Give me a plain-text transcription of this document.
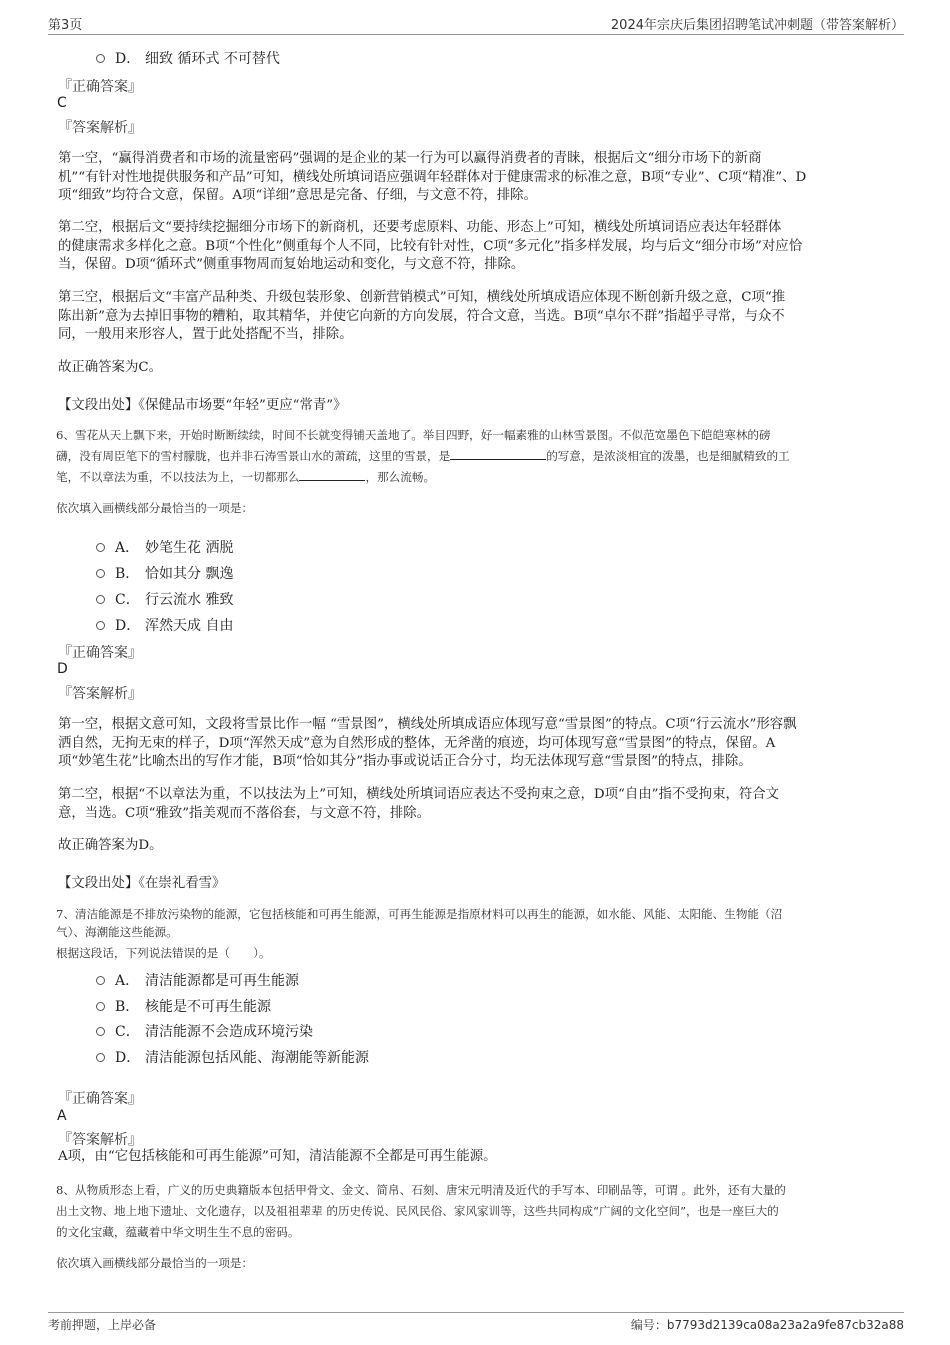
第3页	2024年宗庆后集团招聘笔试冲刺题（带答案解析）
D． 细致 循环式 不可替代
『正确答案』
C
『答案解析』
第一空，“赢得消费者和市场的流量密码”强调的是企业的某一行为可以赢得消费者的青睐，根据后文“细分市场下的新商
机”“有针对性地提供服务和产品”可知，横线处所填词语应强调年轻群体对于健康需求的标准之意，B项“专业”、C项“精准”、D
项“细致”均符合文意，保留。A项“详细”意思是完备、仔细，与文意不符，排除。
第二空，根据后文“要持续挖掘细分市场下的新商机，还要考虑原料、功能、形态上”可知，横线处所填词语应表达年轻群体
的健康需求多样化之意。B项“个性化”侧重每个人不同，比较有针对性，C项“多元化”指多样发展，均与后文“细分市场”对应恰
当，保留。D项“循环式”侧重事物周而复始地运动和变化，与文意不符，排除。
第三空，根据后文“丰富产品种类、升级包装形象、创新营销模式”可知，横线处所填成语应体现不断创新升级之意，C项“推
陈出新”意为去掉旧事物的糟粕，取其精华，并使它向新的方向发展，符合文意，当选。B项“卓尔不群”指超乎寻常，与众不
同，一般用来形容人，置于此处搭配不当，排除。
故正确答案为C。
【文段出处】《保健品市场要“年轻”更应“常青”》
6、雪花从天上飘下来，开始时断断续续，时间不长就变得铺天盖地了。举目四野，好一幅素雅的山林雪景图。不似范宽墨色下皑皑寒林的磅
礴，没有周臣笔下的雪村朦胧，也并非石涛雪景山水的萧疏，这里的雪景，是	的写意，是浓淡相宜的泼墨，也是细腻精致的工
笔，不以章法为重，不以技法为上，一切都那么	，那么流畅。
依次填入画横线部分最恰当的一项是：
A． 妙笔生花 洒脱
B． 恰如其分 飘逸
C． 行云流水 雅致
D． 浑然天成 自由
『正确答案』
D
『答案解析』
第一空，根据文意可知，文段将雪景比作一幅 “雪景图”，横线处所填成语应体现写意“雪景图”的特点。C项“行云流水”形容飘
洒自然，无拘无束的样子，D项“浑然天成”意为自然形成的整体，无斧凿的痕迹，均可体现写意“雪景图”的特点，保留。A
项“妙笔生花”比喻杰出的写作才能，B项“恰如其分”指办事或说话正合分寸，均无法体现写意“雪景图”的特点，排除。
第二空，根据“不以章法为重，不以技法为上”可知，横线处所填词语应表达不受拘束之意，D项“自由”指不受拘束，符合文
意，当选。C项“雅致”指美观而不落俗套，与文意不符，排除。
故正确答案为D。
【文段出处】《在崇礼看雪》
7、清洁能源是不排放污染物的能源，它包括核能和可再生能源，可再生能源是指原材料可以再生的能源，如水能、风能、太阳能、生物能（沼
气）、海潮能这些能源。
根据这段话，下列说法错误的是（　　）。
A． 清洁能源都是可再生能源
B． 核能是不可再生能源
C． 清洁能源不会造成环境污染
D． 清洁能源包括风能、海潮能等新能源
『正确答案』
A
『答案解析』
A项，由“它包括核能和可再生能源”可知，清洁能源不全都是可再生能源。
8、从物质形态上看，广义的历史典籍版本包括甲骨文、金文、简帛、石刻、唐宋元明清及近代的手写本、印刷品等，可谓 。此外，还有大量的
出土文物、地上地下遗址、文化遗存，以及祖祖辈辈 的历史传说、民风民俗、家风家训等，这些共同构成“广阔的文化空间”，也是一座巨大的
的文化宝藏，蕴藏着中华文明生生不息的密码。
依次填入画横线部分最恰当的一项是：
考前押题，上岸必备	编号：b7793d2139ca08a23a2a9fe87cb32a88
